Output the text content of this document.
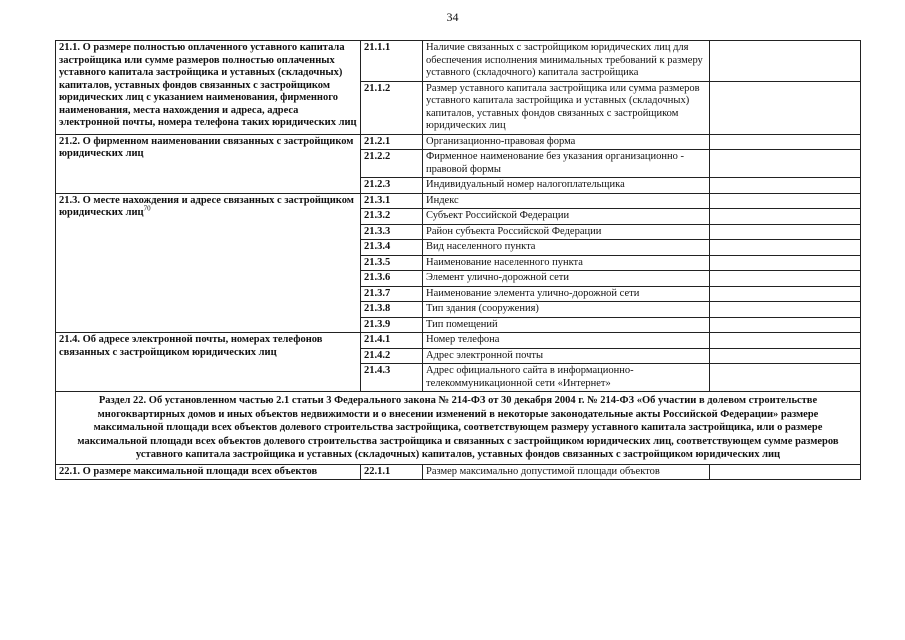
34
21.1. О размере полностью оплаченного уставного капитала застройщика или сумме размеров полностью оплаченных уставного капитала застройщика и уставных (складочных) капиталов, уставных фондов связанных с застройщиком юридических лиц с указанием наименования, фирменного наименования, места нахождения и адреса, адреса электронной почты, номера телефона таких юридических лиц	21.1.1	Наличие связанных с застройщиком юридических лиц для обеспечения исполнения минимальных требований к размеру уставного (складочного) капитала застройщика	
	21.1.2	Размер уставного капитала застройщика или сумма размеров уставного капитала застройщика и уставных (складочных) капиталов, уставных фондов связанных с застройщиком юридических лиц	
21.2. О фирменном наименовании связанных с застройщиком юридических лиц	21.2.1	Организационно-правовая форма	
	21.2.2	Фирменное наименование без указания организационно - правовой формы	
	21.2.3	Индивидуальный номер налогоплательщика	
21.3. О месте нахождения и адресе связанных с застройщиком юридических лиц$^{70}$	21.3.1	Индекс	
	21.3.2	Субъект Российской Федерации	
	21.3.3	Район субъекта Российской Федерации	
	21.3.4	Вид населенного пункта	
	21.3.5	Наименование населенного пункта	
	21.3.6	Элемент улично-дорожной сети	
	21.3.7	Наименование элемента улично-дорожной сети	
	21.3.8	Тип здания (сооружения)	
	21.3.9	Тип помещений	
21.4. Об адресе электронной почты, номерах телефонов связанных с застройщиком юридических лиц	21.4.1	Номер телефона	
	21.4.2	Адрес электронной почты	
	21.4.3	Адрес официального сайта в информационно-телекоммуникационной сети «Интернет»	
Раздел 22. Об установленном частью 2.1 статьи 3 Федерального закона № 214-ФЗ от 30 декабря 2004 г. № 214-ФЗ «Об участии в долевом строительстве многоквартирных домов и иных объектов недвижимости и о внесении изменений в некоторые законодательные акты Российской Федерации» размере максимальной площади всех объектов долевого строительства застройщика, соответствующем размеру уставного капитала застройщика, или о размере максимальной площади всех объектов долевого строительства застройщика и связанных с застройщиком юридических лиц, соответствующем сумме размеров уставного капитала застройщика и уставных (складочных) капиталов, уставных фондов связанных с застройщиком юридических лиц			
22.1. О размере максимальной площади всех объектов	22.1.1	Размер максимально допустимой площади объектов	
